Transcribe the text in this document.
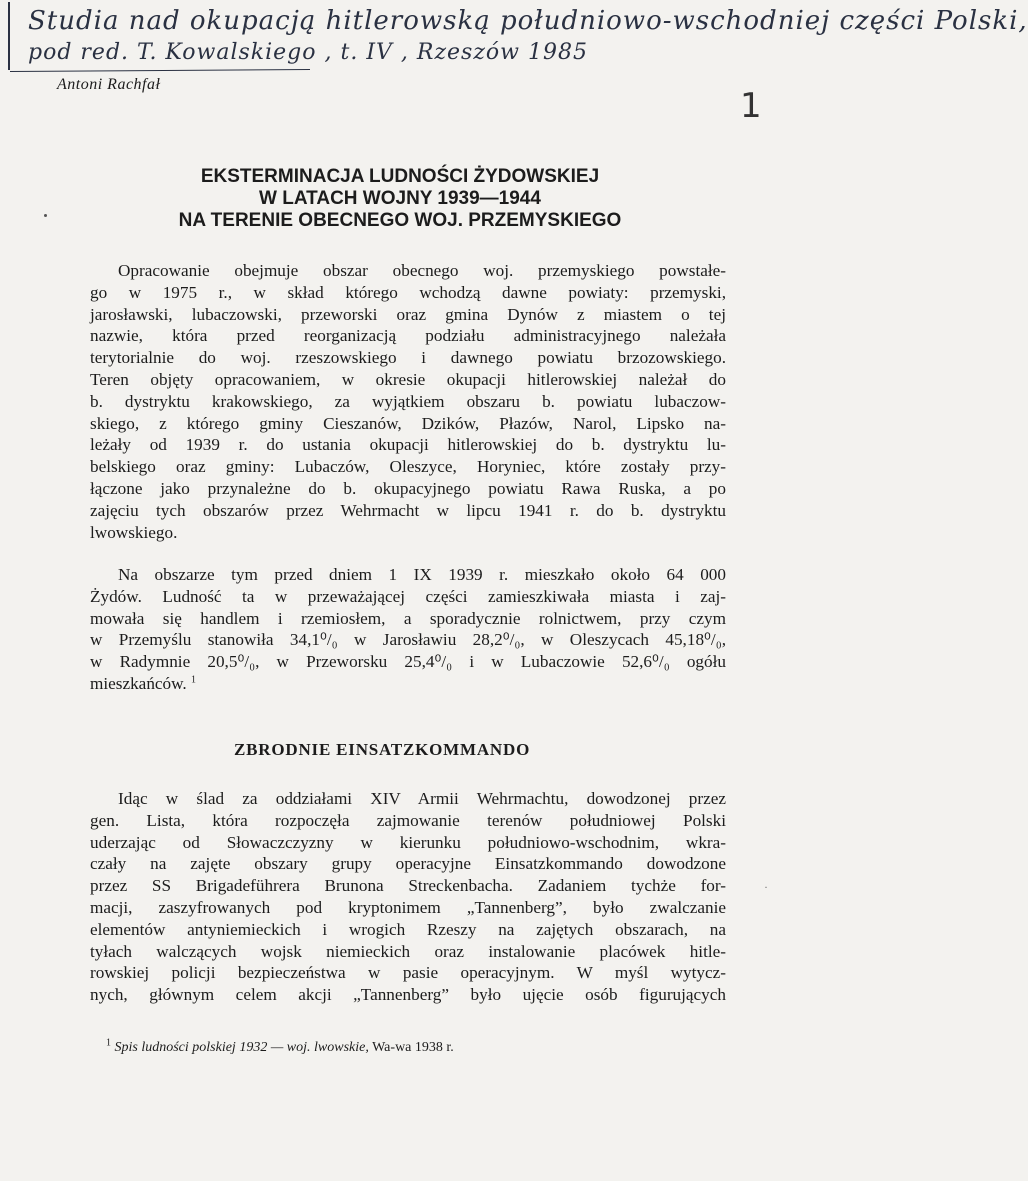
Studia nad okupacją hitlerowską południowo-wschodniej części Polski,
pod red. T. Kowalskiego , t. IV , Rzeszów 1985
Antoni Rachfał
1
EKSTERMINACJA LUDNOŚCI ŻYDOWSKIEJ
W LATACH WOJNY 1939—1944
NA TERENIE OBECNEGO WOJ. PRZEMYSKIEGO
Opracowanie obejmuje obszar obecnego woj. przemyskiego powstałe-
go w 1975 r., w skład którego wchodzą dawne powiaty: przemyski,
jarosławski, lubaczowski, przeworski oraz gmina Dynów z miastem o tej
nazwie, która przed reorganizacją podziału administracyjnego należała
terytorialnie do woj. rzeszowskiego i dawnego powiatu brzozowskiego.
Teren objęty opracowaniem, w okresie okupacji hitlerowskiej należał do
b. dystryktu krakowskiego, za wyjątkiem obszaru b. powiatu lubaczow-
skiego, z którego gminy Cieszanów, Dzików, Płazów, Narol, Lipsko na-
leżały od 1939 r. do ustania okupacji hitlerowskiej do b. dystryktu lu-
belskiego oraz gminy: Lubaczów, Oleszyce, Horyniec, które zostały przy-
łączone jako przynależne do b. okupacyjnego powiatu Rawa Ruska, a po
zajęciu tych obszarów przez Wehrmacht w lipcu 1941 r. do b. dystryktu
lwowskiego.
Na obszarze tym przed dniem 1 IX 1939 r. mieszkało około 64 000
Żydów. Ludność ta w przeważającej części zamieszkiwała miasta i zaj-
mowała się handlem i rzemiosłem, a sporadycznie rolnictwem, przy czym
w Przemyślu stanowiła 34,1⁰/₀ w Jarosławiu 28,2⁰/₀, w Oleszycach 45,18⁰/₀,
w Radymnie 20,5⁰/₀, w Przeworsku 25,4⁰/₀ i w Lubaczowie 52,6⁰/₀ ogółu
mieszkańców. $^1$
ZBRODNIE EINSATZKOMMANDO
Idąc w ślad za oddziałami XIV Armii Wehrmachtu, dowodzonej przez
gen. Lista, która rozpoczęła zajmowanie terenów południowej Polski
uderzając od Słowaczczyzny w kierunku południowo-wschodnim, wkra-
czały na zajęte obszary grupy operacyjne Einsatzkommando dowodzone
przez SS Brigadeführera Brunona Streckenbacha. Zadaniem tychże for-
macji, zaszyfrowanych pod kryptonimem „Tannenberg”, było zwalczanie
elementów antyniemieckich i wrogich Rzeszy na zajętych obszarach, na
tyłach walczących wojsk niemieckich oraz instalowanie placówek hitle-
rowskiej policji bezpieczeństwa w pasie operacyjnym. W myśl wytycz-
nych, głównym celem akcji „Tannenberg” było ujęcie osób figurujących
·
$^1$ Spis ludności polskiej 1932 — woj. lwowskie, Wa-wa 1938 r.
